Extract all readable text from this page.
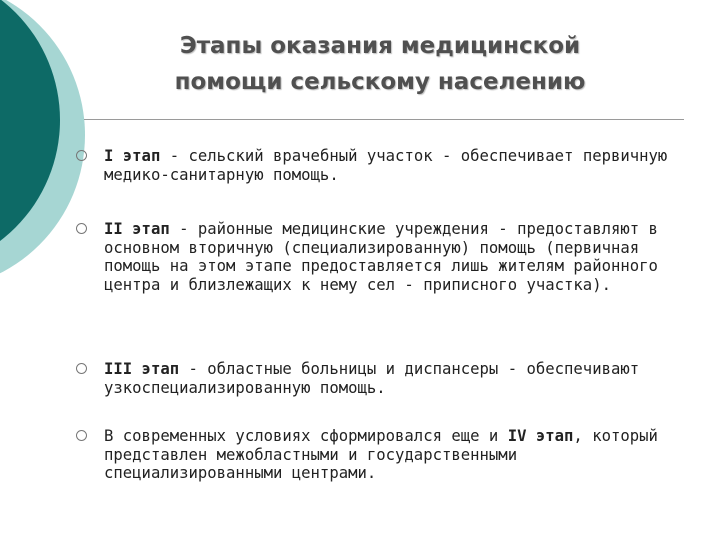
Этапы оказания медицинской
помощи сельскому населению
I этап - сельский врачебный участок - обеспечивает первичную медико-санитарную помощь.
II этап - районные медицинские учреждения - предоставляют в основном вторичную (специализированную) помощь (первичная помощь на этом этапе предоставляется лишь жителям районного центра и близлежащих к нему сел - приписного участка).
III этап - областные больницы и диспансеры - обеспечивают узкоспециализированную помощь.
В современных условиях сформировался еще и IV этап, который представлен межобластными и государственными специализированными центрами.
